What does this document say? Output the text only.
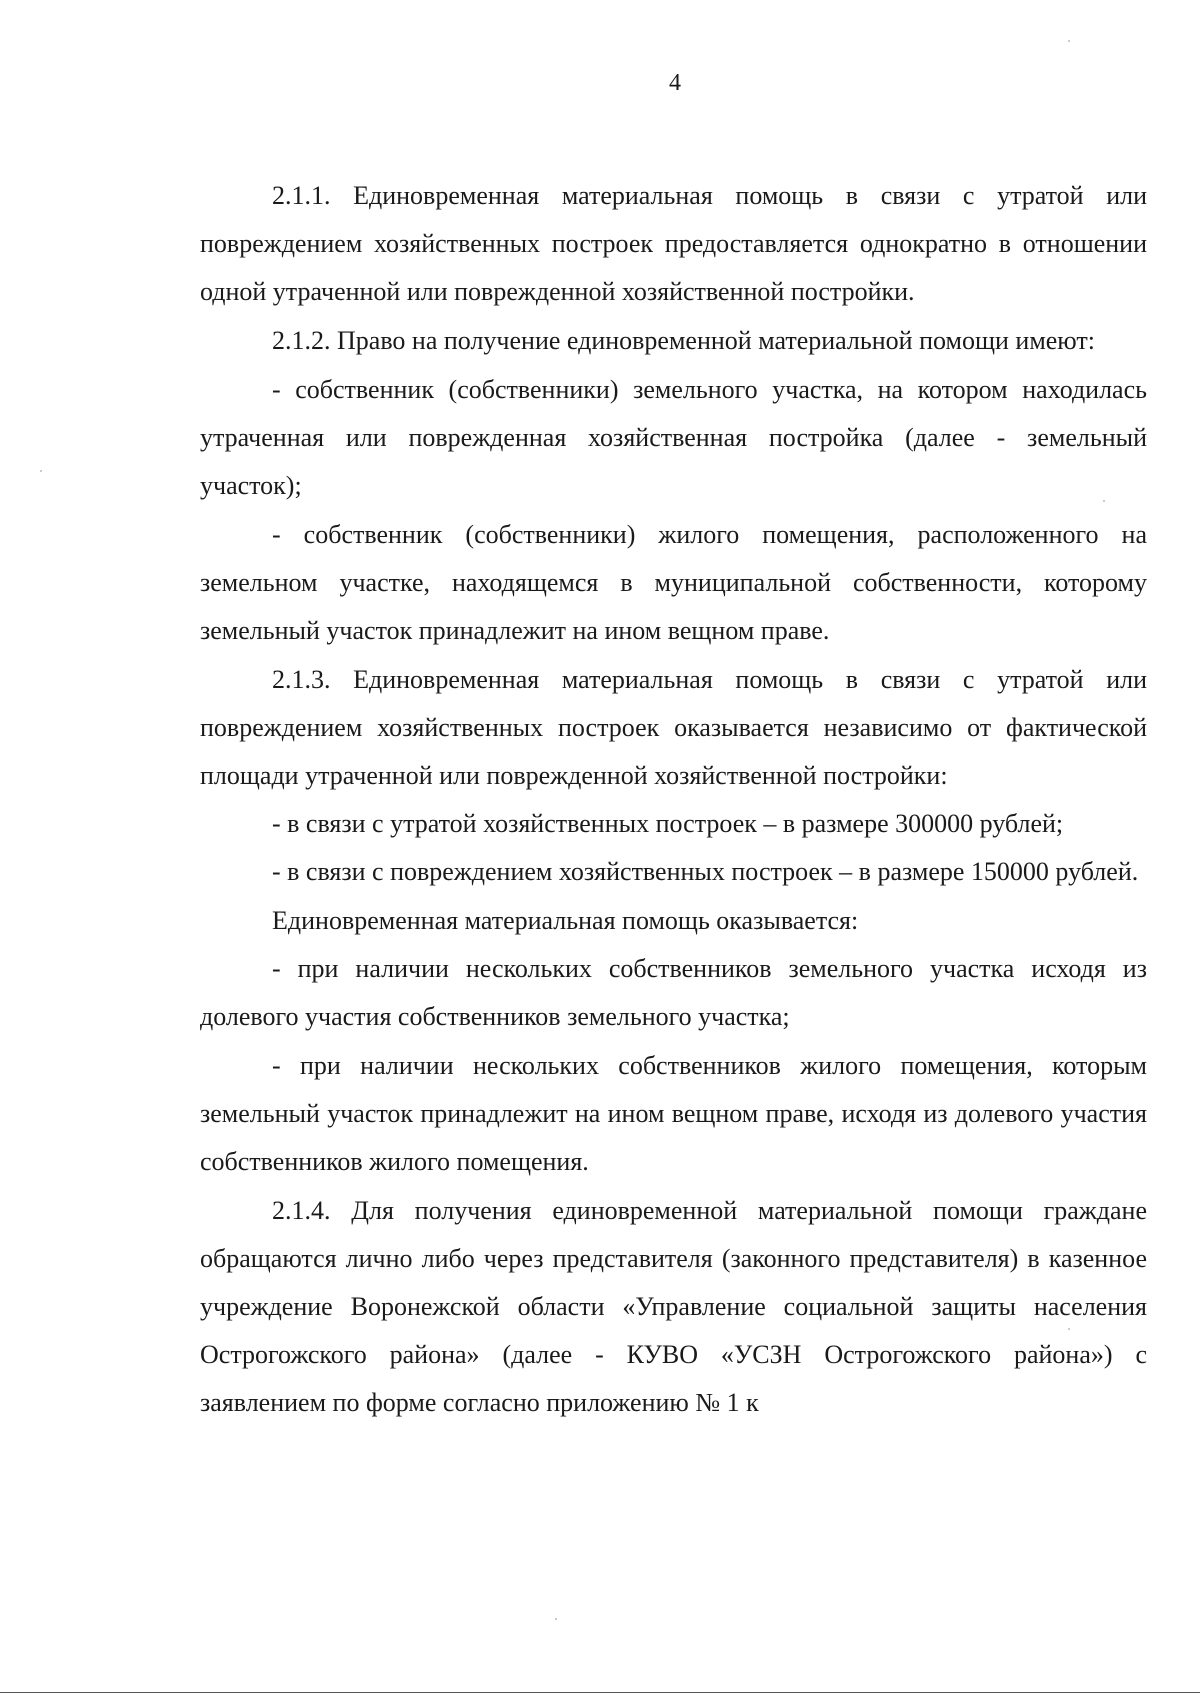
4

2.1.1. Единовременная материальная помощь в связи с утратой или повреждением хозяйственных построек предоставляется однократно в отношении одной утраченной или поврежденной хозяйственной постройки.

2.1.2. Право на получение единовременной материальной помощи имеют:

- собственник (собственники) земельного участка, на котором находилась утраченная или поврежденная хозяйственная постройка (далее - земельный участок);

- собственник (собственники) жилого помещения, расположенного на земельном участке, находящемся в муниципальной собственности, которому земельный участок принадлежит на ином вещном праве.

2.1.3. Единовременная материальная помощь в связи с утратой или повреждением хозяйственных построек оказывается независимо от фактической площади утраченной или поврежденной хозяйственной постройки:

- в связи с утратой хозяйственных построек – в размере 300000 рублей;

- в связи с повреждением хозяйственных построек – в размере 150000 рублей.

Единовременная материальная помощь оказывается:

- при наличии нескольких собственников земельного участка исходя из долевого участия собственников земельного участка;

- при наличии нескольких собственников жилого помещения, которым земельный участок принадлежит на ином вещном праве, исходя из долевого участия собственников жилого помещения.

2.1.4. Для получения единовременной материальной помощи граждане обращаются лично либо через представителя (законного представителя) в казенное учреждение Воронежской области «Управление социальной защиты населения Острогожского района» (далее - КУВО «УСЗН Острогожского района») с заявлением по форме согласно приложению № 1 к
